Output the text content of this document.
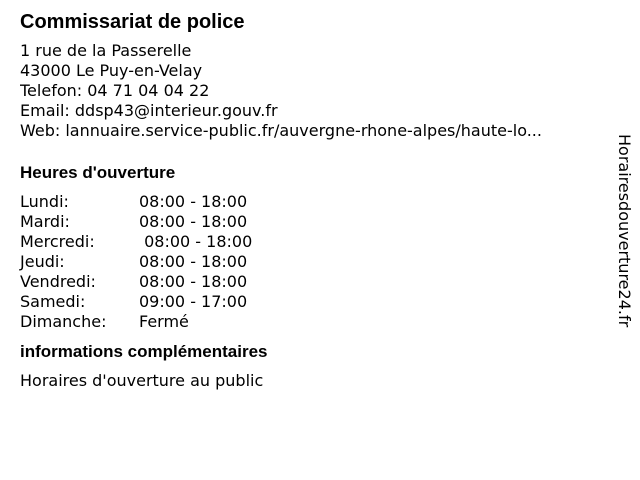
Commissariat de police
1 rue de la Passerelle
43000 Le Puy-en-Velay
Telefon: 04 71 04 04 22
Email: ddsp43@interieur.gouv.fr
Web: lannuaire.service-public.fr/auvergne-rhone-alpes/haute-lo...
Heures d'ouverture
Lundi:	08:00 - 18:00
Mardi:	08:00 - 18:00
Mercredi:	08:00 - 18:00
Jeudi:	08:00 - 18:00
Vendredi:	08:00 - 18:00
Samedi:	09:00 - 17:00
Dimanche:	Fermé
informations complémentaires
Horaires d'ouverture au public
Horairesdouverture24.fr
